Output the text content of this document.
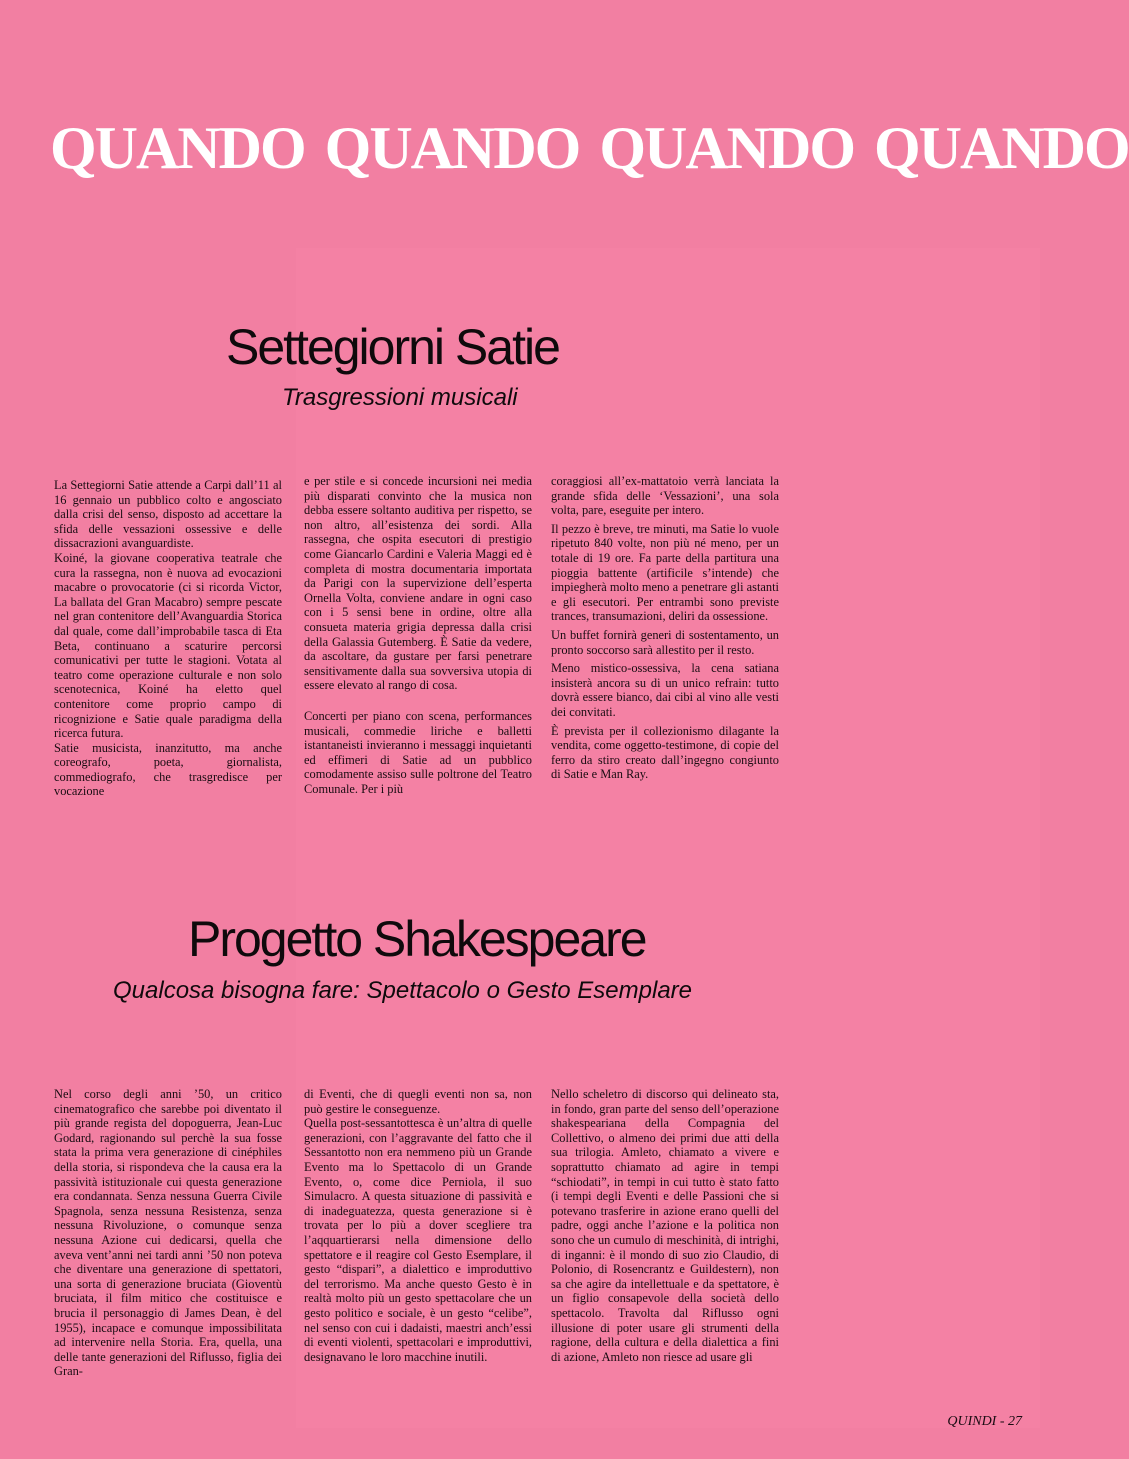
QUANDO QUANDO QUANDO QUANDO
Settegiorni Satie
Trasgressioni musicali

La Settegiorni Satie attende a Carpi dall’11 al 16 gennaio un pubblico colto e angosciato dalla crisi del senso, disposto ad accettare la sfida delle vessazioni ossessive e delle dissacrazioni avanguardiste.

Koiné, la giovane cooperativa teatrale che cura la rassegna, non è nuova ad evocazioni macabre o provocatorie (ci si ricorda Victor, La ballata del Gran Macabro) sempre pescate nel gran contenitore dell’Avanguardia Storica dal quale, come dall’improbabile tasca di Eta Beta, continuano a scaturire percorsi comunicativi per tutte le stagioni. Votata al teatro come operazione culturale e non solo scenotecnica, Koiné ha eletto quel contenitore come proprio campo di ricognizione e Satie quale paradigma della ricerca futura.

Satie musicista, inanzitutto, ma anche coreografo, poeta, giornalista, commediografo, che trasgredisce per vocazione

e per stile e si concede incursioni nei media più disparati convinto che la musica non debba essere soltanto auditiva per rispetto, se non altro, all’esistenza dei sordi. Alla rassegna, che ospita esecutori di prestigio come Giancarlo Cardini e Valeria Maggi ed è completa di mostra documentaria importata da Parigi con la supervizione dell’esperta Ornella Volta, conviene andare in ogni caso con i 5 sensi bene in ordine, oltre alla consueta materia grigia depressa dalla crisi della Galassia Gutemberg. È Satie da vedere, da ascoltare, da gustare per farsi penetrare sensitivamente dalla sua sovversiva utopia di essere elevato al rango di cosa.

Concerti per piano con scena, performances musicali, commedie liriche e balletti istantaneisti invieranno i messaggi inquietanti ed effimeri di Satie ad un pubblico comodamente assiso sulle poltrone del Teatro Comunale. Per i più

coraggiosi all’ex-mattatoio verrà lanciata la grande sfida delle ‘Vessazioni’, una sola volta, pare, eseguite per intero.

Il pezzo è breve, tre minuti, ma Satie lo vuole ripetuto 840 volte, non più né meno, per un totale di 19 ore. Fa parte della partitura una pioggia battente (artificile s’intende) che impiegherà molto meno a penetrare gli astanti e gli esecutori. Per entrambi sono previste trances, transumazioni, deliri da ossessione.

Un buffet fornirà generi di sostentamento, un pronto soccorso sarà allestito per il resto.

Meno mistico-ossessiva, la cena satiana insisterà ancora su di un unico refrain: tutto dovrà essere bianco, dai cibi al vino alle vesti dei convitati.

È prevista per il collezionismo dilagante la vendita, come oggetto-testimone, di copie del ferro da stiro creato dall’ingegno congiunto di Satie e Man Ray.

Progetto Shakespeare
Qualcosa bisogna fare: Spettacolo o Gesto Esemplare

Nel corso degli anni ’50, un critico cinematografico che sarebbe poi diventato il più grande regista del dopoguerra, Jean-Luc Godard, ragionando sul perchè la sua fosse stata la prima vera generazione di cinéphiles della storia, si rispondeva che la causa era la passività istituzionale cui questa generazione era condannata. Senza nessuna Guerra Civile Spagnola, senza nessuna Resistenza, senza nessuna Rivoluzione, o comunque senza nessuna Azione cui dedicarsi, quella che aveva vent’anni nei tardi anni ’50 non poteva che diventare una generazione di spettatori, una sorta di generazione bruciata (Gioventù bruciata, il film mitico che costituisce e brucia il personaggio di James Dean, è del 1955), incapace e comunque impossibilitata ad intervenire nella Storia. Era, quella, una delle tante generazioni del Riflusso, figlia dei Gran-

di Eventi, che di quegli eventi non sa, non può gestire le conseguenze.

Quella post-sessantottesca è un’altra di quelle generazioni, con l’aggravante del fatto che il Sessantotto non era nemmeno più un Grande Evento ma lo Spettacolo di un Grande Evento, o, come dice Perniola, il suo Simulacro. A questa situazione di passività e di inadeguatezza, questa generazione si è trovata per lo più a dover scegliere tra l’aqquartierarsi nella dimensione dello spettatore e il reagire col Gesto Esemplare, il gesto “dispari”, a dialettico e improduttivo del terrorismo. Ma anche questo Gesto è in realtà molto più un gesto spettacolare che un gesto politico e sociale, è un gesto “celibe”, nel senso con cui i dadaisti, maestri anch’essi di eventi violenti, spettacolari e improduttivi, designavano le loro macchine inutili.

Nello scheletro di discorso qui delineato sta, in fondo, gran parte del senso dell’operazione shakespeariana della Compagnia del Collettivo, o almeno dei primi due atti della sua trilogia. Amleto, chiamato a vivere e soprattutto chiamato ad agire in tempi “schiodati”, in tempi in cui tutto è stato fatto (i tempi degli Eventi e delle Passioni che si potevano trasferire in azione erano quelli del padre, oggi anche l’azione e la politica non sono che un cumulo di meschinità, di intrighi, di inganni: è il mondo di suo zio Claudio, di Polonio, di Rosencrantz e Guildestern), non sa che agire da intellettuale e da spettatore, è un figlio consapevole della società dello spettacolo. Travolta dal Riflusso ogni illusione di poter usare gli strumenti della ragione, della cultura e della dialettica a fini di azione, Amleto non riesce ad usare gli

QUINDI - 27
